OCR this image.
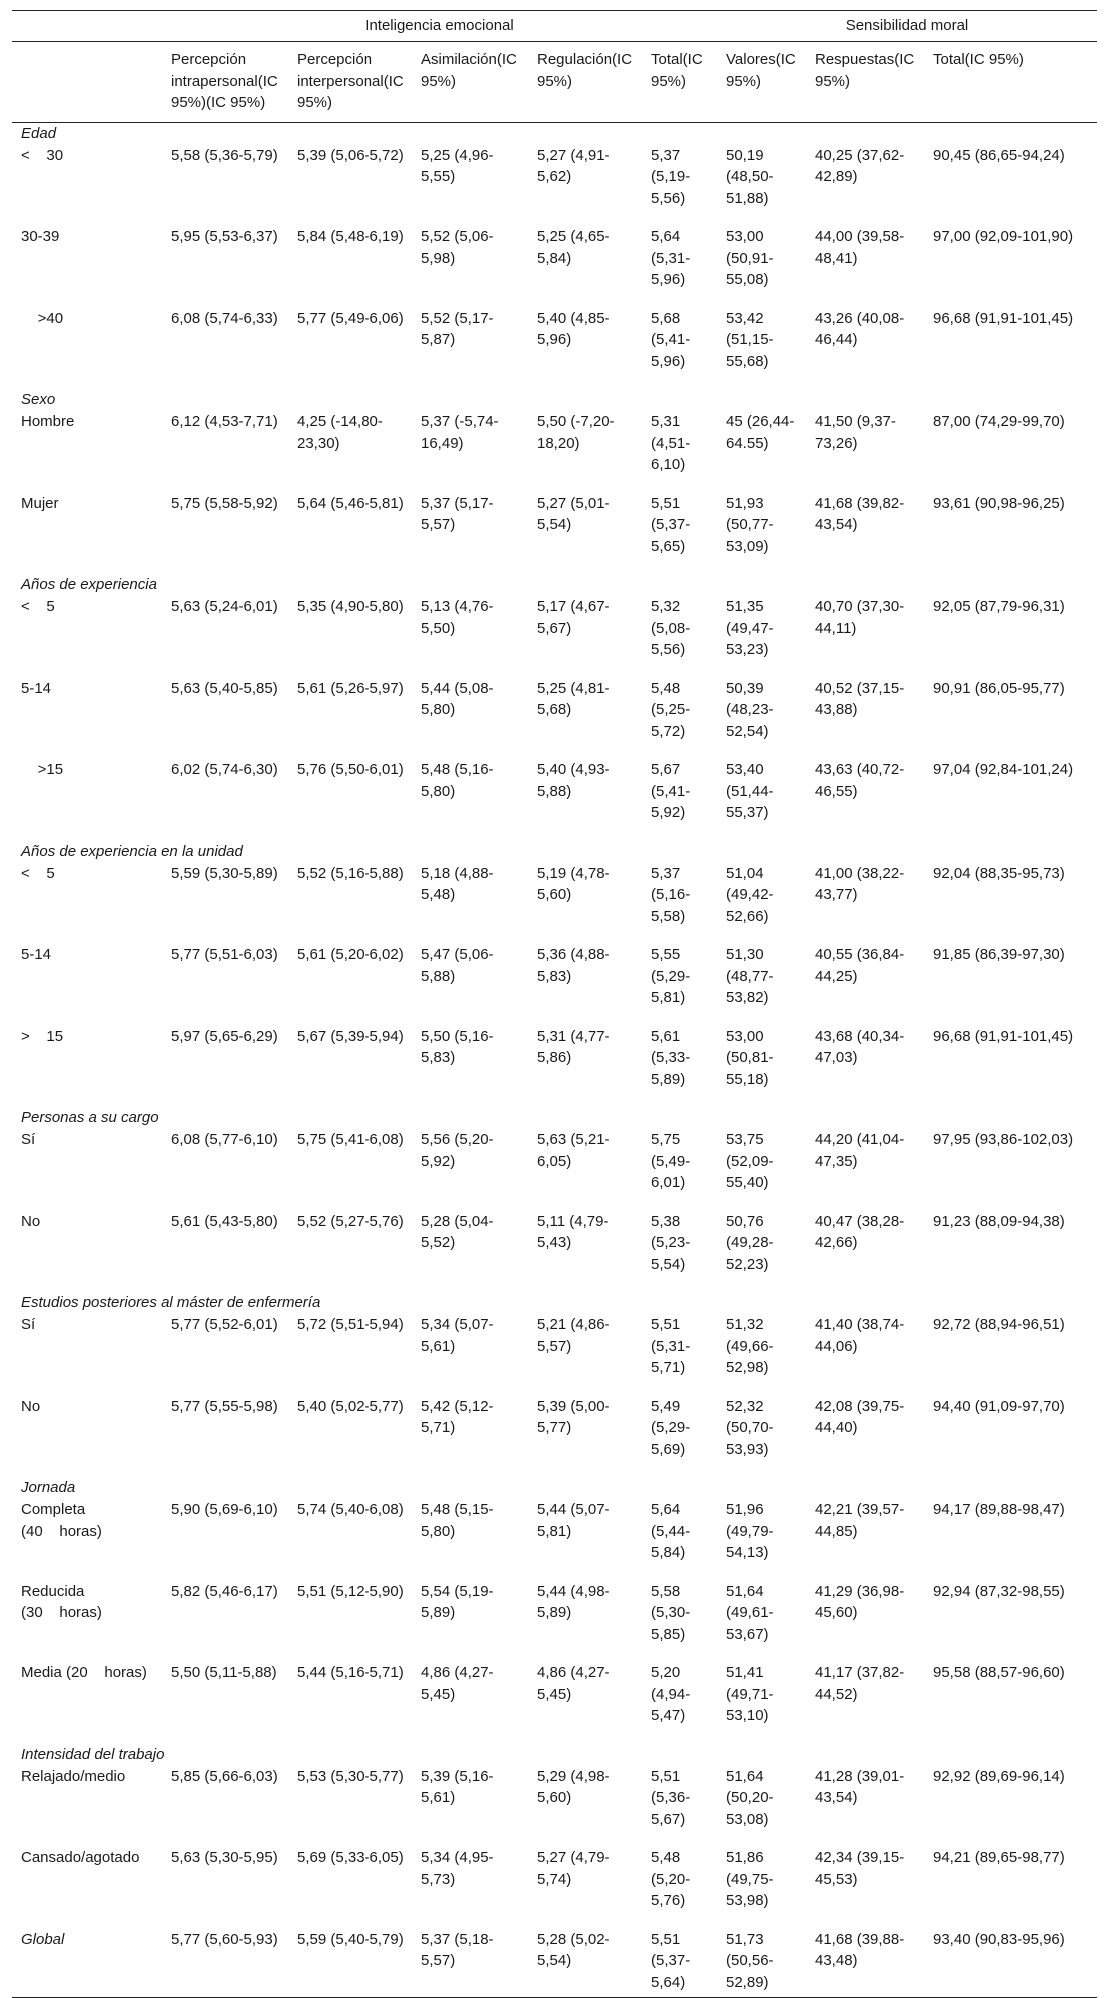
	Inteligencia emocional					Sensibilidad moral		
	Percepción intrapersonal(IC 95%)(IC 95%)	Percepción interpersonal(IC 95%)	Asimilación(IC 95%)	Regulación(IC 95%)	Total(IC 95%)	Valores(IC 95%)	Respuestas(IC 95%)	Total(IC 95%)
Edad								
<    30	5,58 (5,36-5,79)	5,39 (5,06-5,72)	5,25 (4,96-5,55)	5,27 (4,91-5,62)	5,37 (5,19-5,56)	50,19 (48,50-51,88)	40,25 (37,62-42,89)	90,45 (86,65-94,24)
30-39	5,95 (5,53-6,37)	5,84 (5,48-6,19)	5,52 (5,06-5,98)	5,25 (4,65-5,84)	5,64 (5,31-5,96)	53,00 (50,91-55,08)	44,00 (39,58-48,41)	97,00 (92,09-101,90)
>40	6,08 (5,74-6,33)	5,77 (5,49-6,06)	5,52 (5,17-5,87)	5,40 (4,85-5,96)	5,68 (5,41-5,96)	53,42 (51,15-55,68)	43,26 (40,08-46,44)	96,68 (91,91-101,45)
Sexo								
Hombre	6,12 (4,53-7,71)	4,25 (-14,80-23,30)	5,37 (-5,74-16,49)	5,50 (-7,20-18,20)	5,31 (4,51-6,10)	45 (26,44-64.55)	41,50 (9,37-73,26)	87,00 (74,29-99,70)
Mujer	5,75 (5,58-5,92)	5,64 (5,46-5,81)	5,37 (5,17-5,57)	5,27 (5,01-5,54)	5,51 (5,37-5,65)	51,93 (50,77-53,09)	41,68 (39,82-43,54)	93,61 (90,98-96,25)
Años de experiencia								
<    5	5,63 (5,24-6,01)	5,35 (4,90-5,80)	5,13 (4,76-5,50)	5,17 (4,67-5,67)	5,32 (5,08-5,56)	51,35 (49,47-53,23)	40,70 (37,30-44,11)	92,05 (87,79-96,31)
5-14	5,63 (5,40-5,85)	5,61 (5,26-5,97)	5,44 (5,08-5,80)	5,25 (4,81-5,68)	5,48 (5,25-5,72)	50,39 (48,23-52,54)	40,52 (37,15-43,88)	90,91 (86,05-95,77)
>15	6,02 (5,74-6,30)	5,76 (5,50-6,01)	5,48 (5,16-5,80)	5,40 (4,93-5,88)	5,67 (5,41-5,92)	53,40 (51,44-55,37)	43,63 (40,72-46,55)	97,04 (92,84-101,24)
Años de experiencia en la unidad								
<    5	5,59 (5,30-5,89)	5,52 (5,16-5,88)	5,18 (4,88-5,48)	5,19 (4,78-5,60)	5,37 (5,16-5,58)	51,04 (49,42-52,66)	41,00 (38,22-43,77)	92,04 (88,35-95,73)
5-14	5,77 (5,51-6,03)	5,61 (5,20-6,02)	5,47 (5,06-5,88)	5,36 (4,88-5,83)	5,55 (5,29-5,81)	51,30 (48,77-53,82)	40,55 (36,84-44,25)	91,85 (86,39-97,30)
>    15	5,97 (5,65-6,29)	5,67 (5,39-5,94)	5,50 (5,16-5,83)	5,31 (4,77-5,86)	5,61 (5,33-5,89)	53,00 (50,81-55,18)	43,68 (40,34-47,03)	96,68 (91,91-101,45)
Personas a su cargo								
Sí	6,08 (5,77-6,10)	5,75 (5,41-6,08)	5,56 (5,20-5,92)	5,63 (5,21-6,05)	5,75 (5,49-6,01)	53,75 (52,09-55,40)	44,20 (41,04-47,35)	97,95 (93,86-102,03)
No	5,61 (5,43-5,80)	5,52 (5,27-5,76)	5,28 (5,04-5,52)	5,11 (4,79-5,43)	5,38 (5,23-5,54)	50,76 (49,28-52,23)	40,47 (38,28-42,66)	91,23 (88,09-94,38)
Estudios posteriores al máster de enfermería								
Sí	5,77 (5,52-6,01)	5,72 (5,51-5,94)	5,34 (5,07-5,61)	5,21 (4,86-5,57)	5,51 (5,31-5,71)	51,32 (49,66-52,98)	41,40 (38,74-44,06)	92,72 (88,94-96,51)
No	5,77 (5,55-5,98)	5,40 (5,02-5,77)	5,42 (5,12-5,71)	5,39 (5,00-5,77)	5,49 (5,29-5,69)	52,32 (50,70-53,93)	42,08 (39,75-44,40)	94,40 (91,09-97,70)
Jornada								
Completa (40    horas)	5,90 (5,69-6,10)	5,74 (5,40-6,08)	5,48 (5,15-5,80)	5,44 (5,07-5,81)	5,64 (5,44-5,84)	51,96 (49,79-54,13)	42,21 (39,57-44,85)	94,17 (89,88-98,47)
Reducida (30    horas)	5,82 (5,46-6,17)	5,51 (5,12-5,90)	5,54 (5,19-5,89)	5,44 (4,98-5,89)	5,58 (5,30-5,85)	51,64 (49,61-53,67)	41,29 (36,98-45,60)	92,94 (87,32-98,55)
Media (20    horas)	5,50 (5,11-5,88)	5,44 (5,16-5,71)	4,86 (4,27-5,45)	4,86 (4,27-5,45)	5,20 (4,94-5,47)	51,41 (49,71-53,10)	41,17 (37,82-44,52)	95,58 (88,57-96,60)
Intensidad del trabajo								
Relajado/medio	5,85 (5,66-6,03)	5,53 (5,30-5,77)	5,39 (5,16-5,61)	5,29 (4,98-5,60)	5,51 (5,36-5,67)	51,64 (50,20-53,08)	41,28 (39,01-43,54)	92,92 (89,69-96,14)
Cansado/agotado	5,63 (5,30-5,95)	5,69 (5,33-6,05)	5,34 (4,95-5,73)	5,27 (4,79-5,74)	5,48 (5,20-5,76)	51,86 (49,75-53,98)	42,34 (39,15-45,53)	94,21 (89,65-98,77)
Global	5,77 (5,60-5,93)	5,59 (5,40-5,79)	5,37 (5,18-5,57)	5,28 (5,02-5,54)	5,51 (5,37-5,64)	51,73 (50,56-52,89)	41,68 (39,88-43,48)	93,40 (90,83-95,96)
